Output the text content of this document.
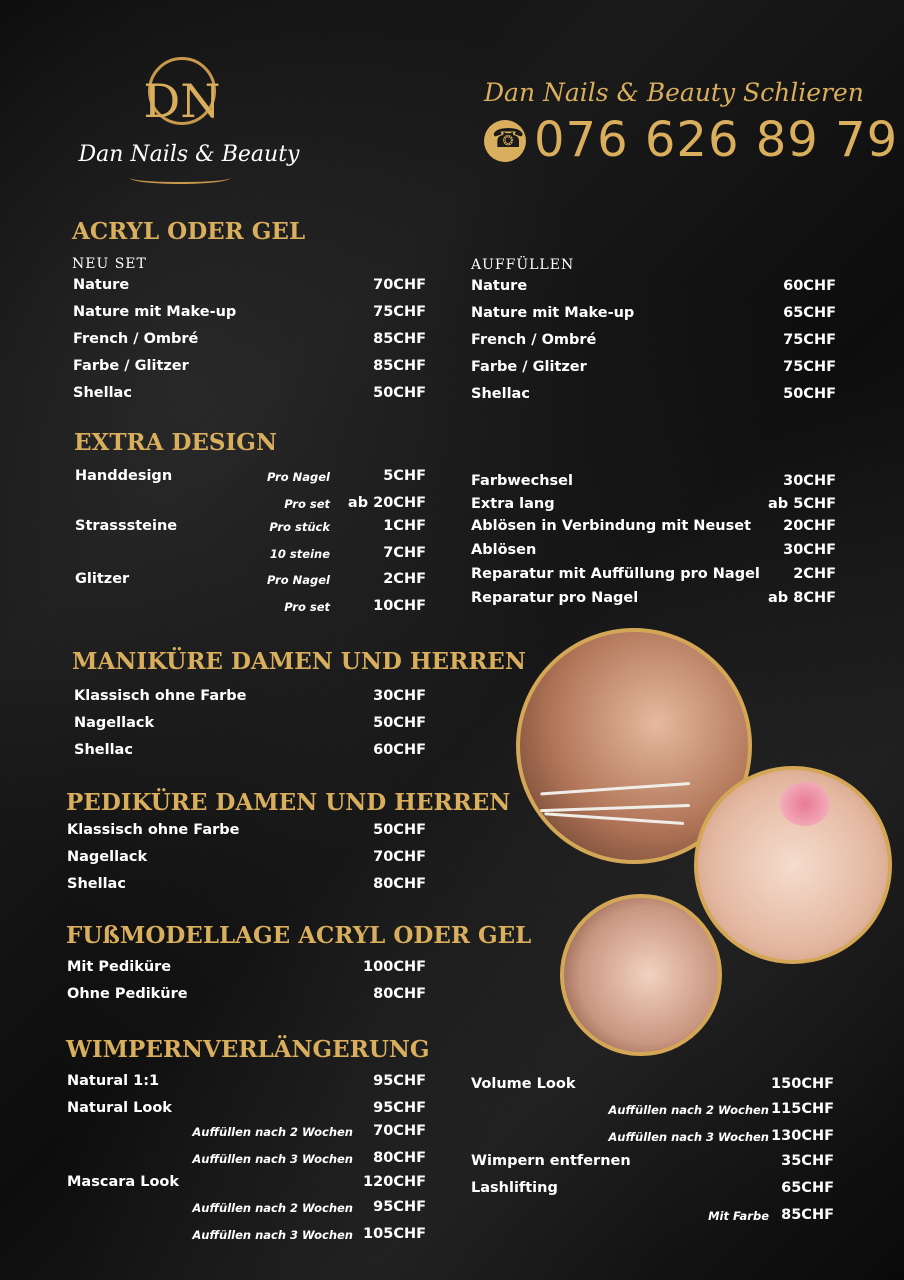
DN
Dan Nails & Beauty
Dan Nails & Beauty Schlieren
☎
076 626 89 79
ACRYL ODER GEL
NEU SET	AUFFÜLLEN
Nature	70CHF
Nature mit Make-up	75CHF
French / Ombré	85CHF
Farbe / Glitzer	85CHF
Shellac	50CHF
Nature	60CHF
Nature mit Make-up	65CHF
French / Ombré	75CHF
Farbe / Glitzer	75CHF
Shellac	50CHF
EXTRA DESIGN
Handdesign	Pro Nagel	5CHF
Pro set ab 20CHF
Strasssteine	Pro stück	1CHF
10 steine	7CHF
Glitzer	Pro Nagel	2CHF
Pro set	10CHF
Farbwechsel	30CHF
Extra lang	ab 5CHF
Ablösen in Verbindung mit Neuset 20CHF
Ablösen	30CHF
Reparatur mit Auffüllung pro Nagel 2CHF
Reparatur pro Nagel	ab 8CHF
MANIKÜRE DAMEN UND HERREN
Klassisch ohne Farbe	30CHF
Nagellack	50CHF
Shellac	60CHF
PEDIKÜRE DAMEN UND HERREN
Klassisch ohne Farbe	50CHF
Nagellack	70CHF
Shellac	80CHF
FUßMODELLAGE ACRYL ODER GEL
Mit Pediküre	100CHF
Ohne Pediküre	80CHF
WIMPERNVERLÄNGERUNG
Natural 1:1	95CHF
Natural Look	95CHF
Auffüllen nach 2 Wochen 70CHF
Auffüllen nach 3 Wochen 80CHF
Mascara Look	120CHF
Auffüllen nach 2 Wochen 95CHF
Auffüllen nach 3 Wochen 105CHF
Volume Look	150CHF
Auffüllen nach 2 Wochen 115CHF
Auffüllen nach 3 Wochen 130CHF
Wimpern entfernen	35CHF
Lashlifting	65CHF
Mit Farbe 85CHF
